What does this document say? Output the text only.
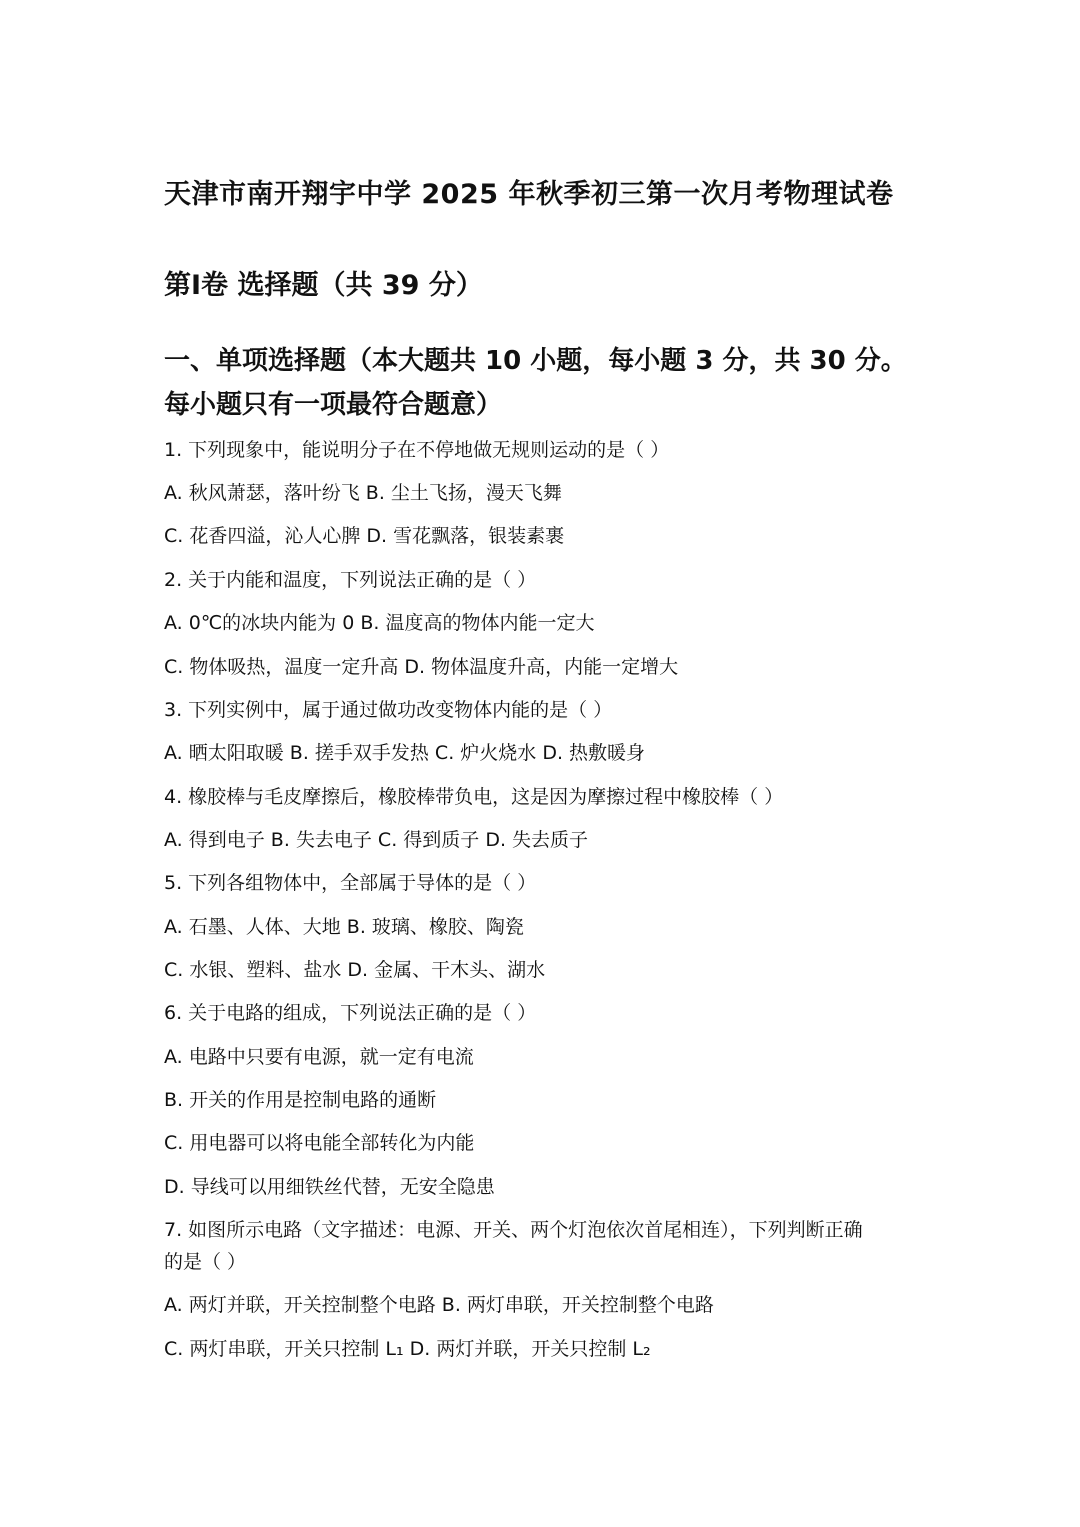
天津市南开翔宇中学 2025 年秋季初三第一次月考物理试卷
第Ⅰ卷 选择题（共 39 分）
一、单项选择题（本大题共 10 小题，每小题 3 分，共 30 分。
每小题只有一项最符合题意）
1. 下列现象中，能说明分子在不停地做无规则运动的是（ ）
A. 秋风萧瑟，落叶纷飞 B. 尘土飞扬，漫天飞舞
C. 花香四溢，沁人心脾 D. 雪花飘落，银装素裹
2. 关于内能和温度，下列说法正确的是（ ）
A. 0℃的冰块内能为 0 B. 温度高的物体内能一定大
C. 物体吸热，温度一定升高 D. 物体温度升高，内能一定增大
3. 下列实例中，属于通过做功改变物体内能的是（ ）
A. 晒太阳取暖 B. 搓手双手发热 C. 炉火烧水 D. 热敷暖身
4. 橡胶棒与毛皮摩擦后，橡胶棒带负电，这是因为摩擦过程中橡胶棒（ ）
A. 得到电子 B. 失去电子 C. 得到质子 D. 失去质子
5. 下列各组物体中，全部属于导体的是（ ）
A. 石墨、人体、大地 B. 玻璃、橡胶、陶瓷
C. 水银、塑料、盐水 D. 金属、干木头、湖水
6. 关于电路的组成，下列说法正确的是（ ）
A. 电路中只要有电源，就一定有电流
B. 开关的作用是控制电路的通断
C. 用电器可以将电能全部转化为内能
D. 导线可以用细铁丝代替，无安全隐患
7. 如图所示电路（文字描述：电源、开关、两个灯泡依次首尾相连），下列判断正确
的是（ ）
A. 两灯并联，开关控制整个电路 B. 两灯串联，开关控制整个电路
C. 两灯串联，开关只控制 L₁ D. 两灯并联，开关只控制 L₂
